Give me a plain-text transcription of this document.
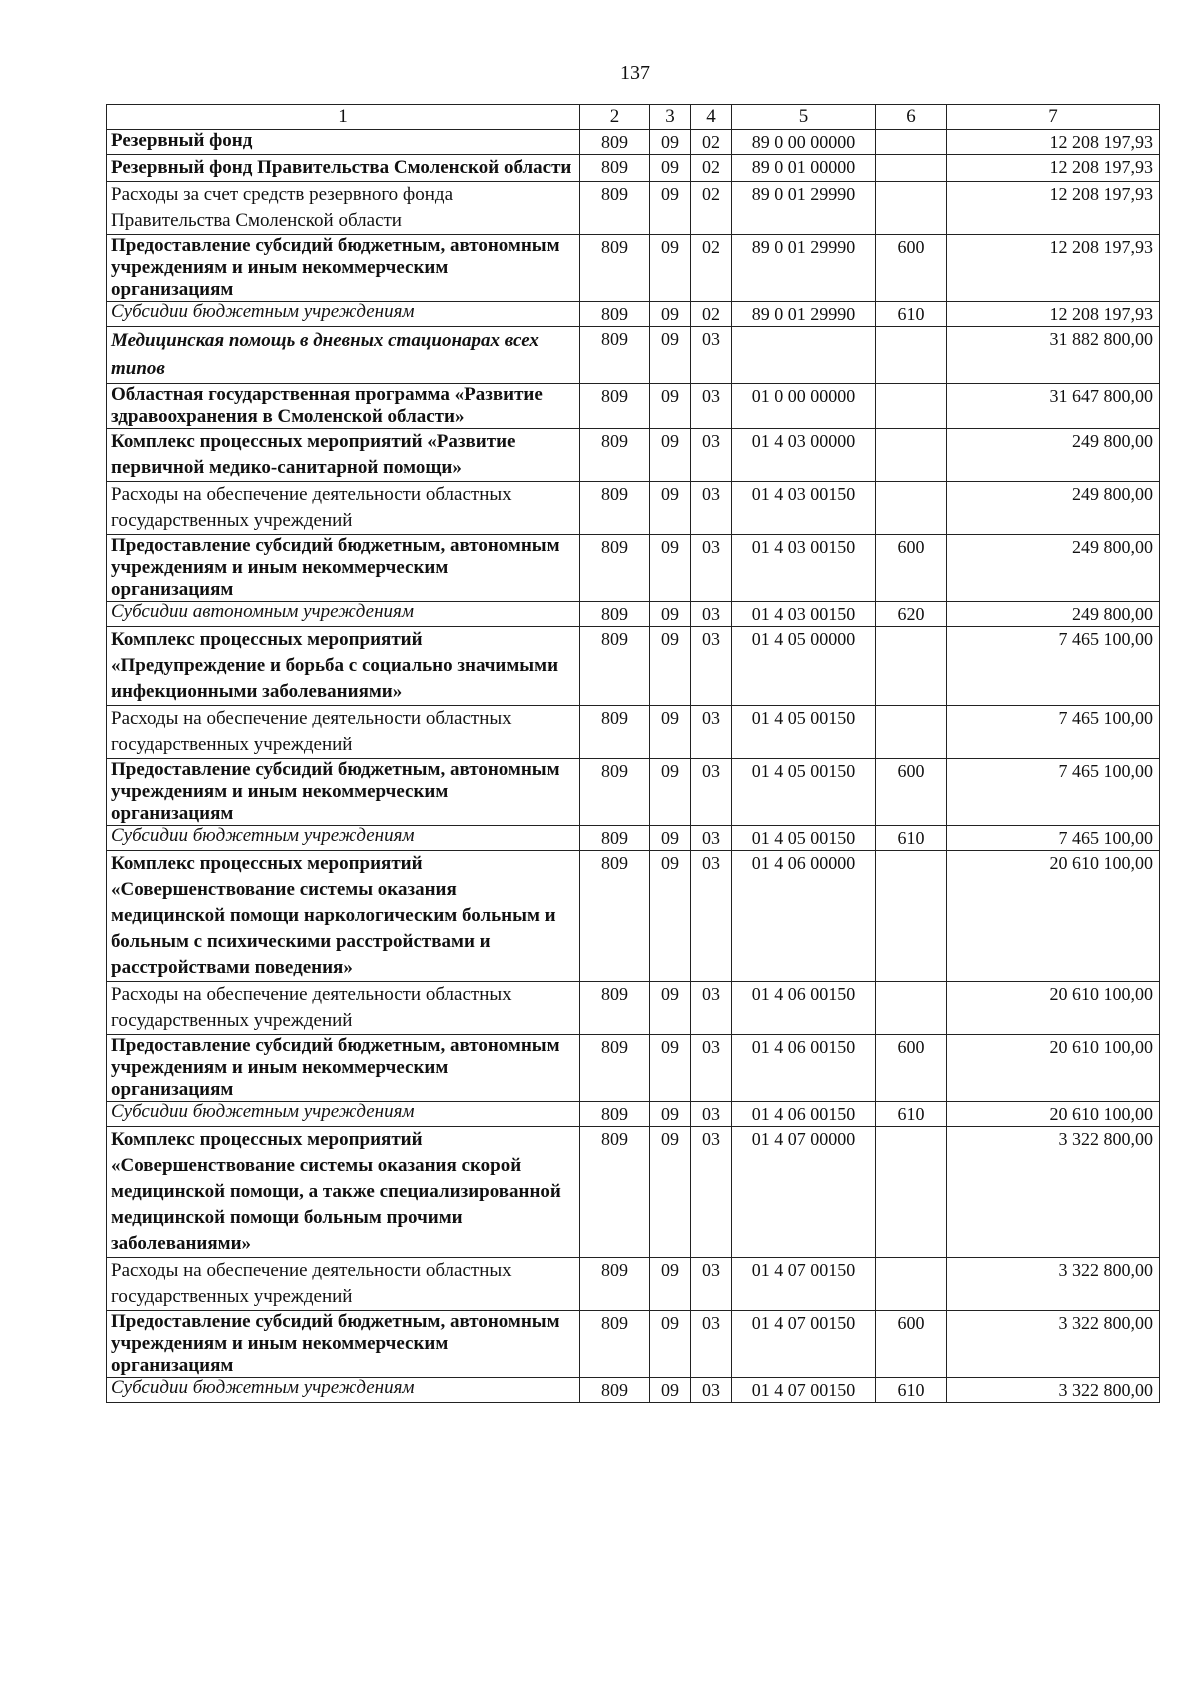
137
1	2	3	4	5	6	7
Резервный фонд	809	09	02	89 0 00 00000		12 208 197,93
Резервный фонд Правительства Смоленской области	809	09	02	89 0 01 00000		12 208 197,93
Расходы за счет средств резервного фонда Правительства Смоленской области	809	09	02	89 0 01 29990		12 208 197,93
Предоставление субсидий бюджетным, автономным учреждениям и иным некоммерческим организациям	809	09	02	89 0 01 29990	600	12 208 197,93
Субсидии бюджетным учреждениям	809	09	02	89 0 01 29990	610	12 208 197,93
Медицинская помощь в дневных стационарах всех типов	809	09	03			31 882 800,00
Областная государственная программа «Развитие здравоохранения в Смоленской области»	809	09	03	01 0 00 00000		31 647 800,00
Комплекс процессных мероприятий «Развитие первичной медико-санитарной помощи»	809	09	03	01 4 03 00000		249 800,00
Расходы на обеспечение деятельности областных государственных учреждений	809	09	03	01 4 03 00150		249 800,00
Предоставление субсидий бюджетным, автономным учреждениям и иным некоммерческим организациям	809	09	03	01 4 03 00150	600	249 800,00
Субсидии автономным учреждениям	809	09	03	01 4 03 00150	620	249 800,00
Комплекс процессных мероприятий «Предупреждение и борьба с социально значимыми инфекционными заболеваниями»	809	09	03	01 4 05 00000		7 465 100,00
Расходы на обеспечение деятельности областных государственных учреждений	809	09	03	01 4 05 00150		7 465 100,00
Предоставление субсидий бюджетным, автономным учреждениям и иным некоммерческим организациям	809	09	03	01 4 05 00150	600	7 465 100,00
Субсидии бюджетным учреждениям	809	09	03	01 4 05 00150	610	7 465 100,00
Комплекс процессных мероприятий «Совершенствование системы оказания медицинской помощи наркологическим больным и больным с психическими расстройствами и расстройствами поведения»	809	09	03	01 4 06 00000		20 610 100,00
Расходы на обеспечение деятельности областных государственных учреждений	809	09	03	01 4 06 00150		20 610 100,00
Предоставление субсидий бюджетным, автономным учреждениям и иным некоммерческим организациям	809	09	03	01 4 06 00150	600	20 610 100,00
Субсидии бюджетным учреждениям	809	09	03	01 4 06 00150	610	20 610 100,00
Комплекс процессных мероприятий «Совершенствование системы оказания скорой медицинской помощи, а также специализированной медицинской помощи больным прочими заболеваниями»	809	09	03	01 4 07 00000		3 322 800,00
Расходы на обеспечение деятельности областных государственных учреждений	809	09	03	01 4 07 00150		3 322 800,00
Предоставление субсидий бюджетным, автономным учреждениям и иным некоммерческим организациям	809	09	03	01 4 07 00150	600	3 322 800,00
Субсидии бюджетным учреждениям	809	09	03	01 4 07 00150	610	3 322 800,00
